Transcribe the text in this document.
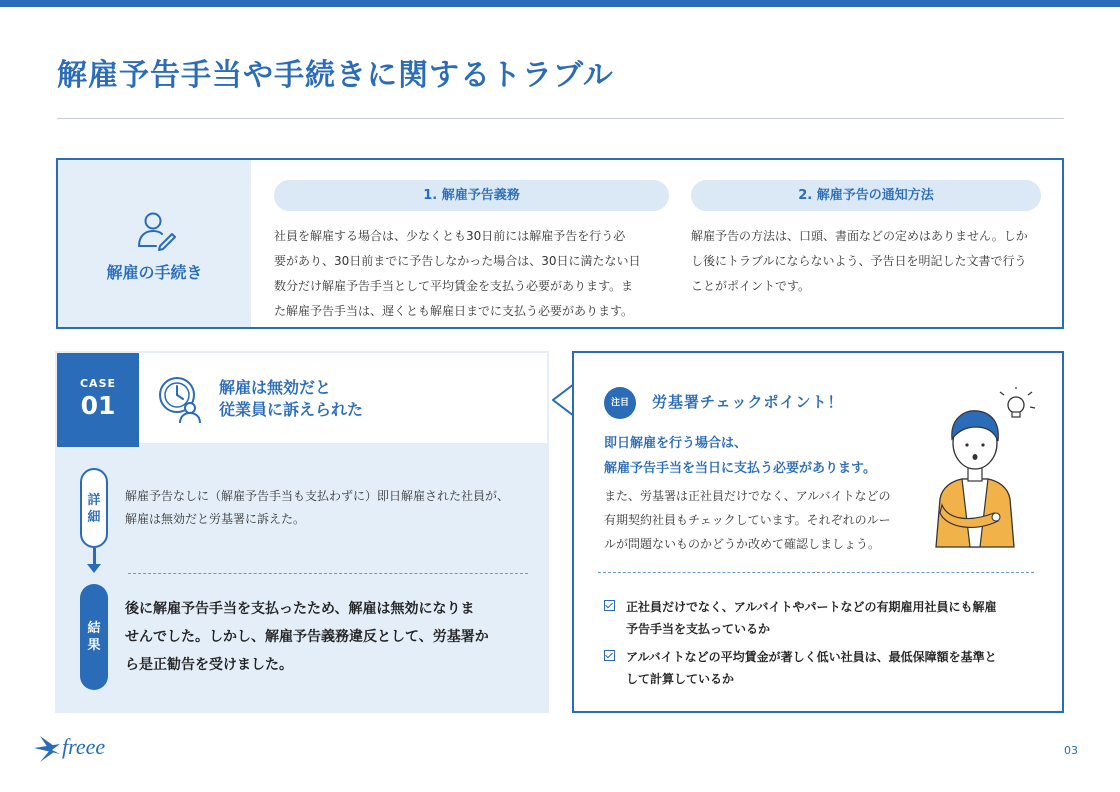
解雇予告手当や手続きに関するトラブル
解雇の手続き
1. 解雇予告義務
社員を解雇する場合は、少なくとも30日前には解雇予告を行う必
要があり、30日前までに予告しなかった場合は、30日に満たない日
数分だけ解雇予告手当として平均賃金を支払う必要があります。ま
た解雇予告手当は、遅くとも解雇日までに支払う必要があります。
2. 解雇予告の通知方法
解雇予告の方法は、口頭、書面などの定めはありません。しか
し後にトラブルにならないよう、予告日を明記した文書で行う
ことがポイントです。
CASE
01
解雇は無効だと
従業員に訴えられた
詳
細
結
果
解雇予告なしに（解雇予告手当も支払わずに）即日解雇された社員が、
解雇は無効だと労基署に訴えた。
後に解雇予告手当を支払ったため、解雇は無効になりま
せんでした。しかし、解雇予告義務違反として、労基署か
ら是正勧告を受けました。
注目	労基署チェックポイント！
即日解雇を行う場合は、
解雇予告手当を当日に支払う必要があります。
また、労基署は正社員だけでなく、アルバイトなどの
有期契約社員もチェックしています。それぞれのルー
ルが問題ないものかどうか改めて確認しましょう。
正社員だけでなく、アルバイトやパートなどの有期雇用社員にも解雇
予告手当を支払っているか
アルバイトなどの平均賃金が著しく低い社員は、最低保障額を基準と
して計算しているか
freee	03
